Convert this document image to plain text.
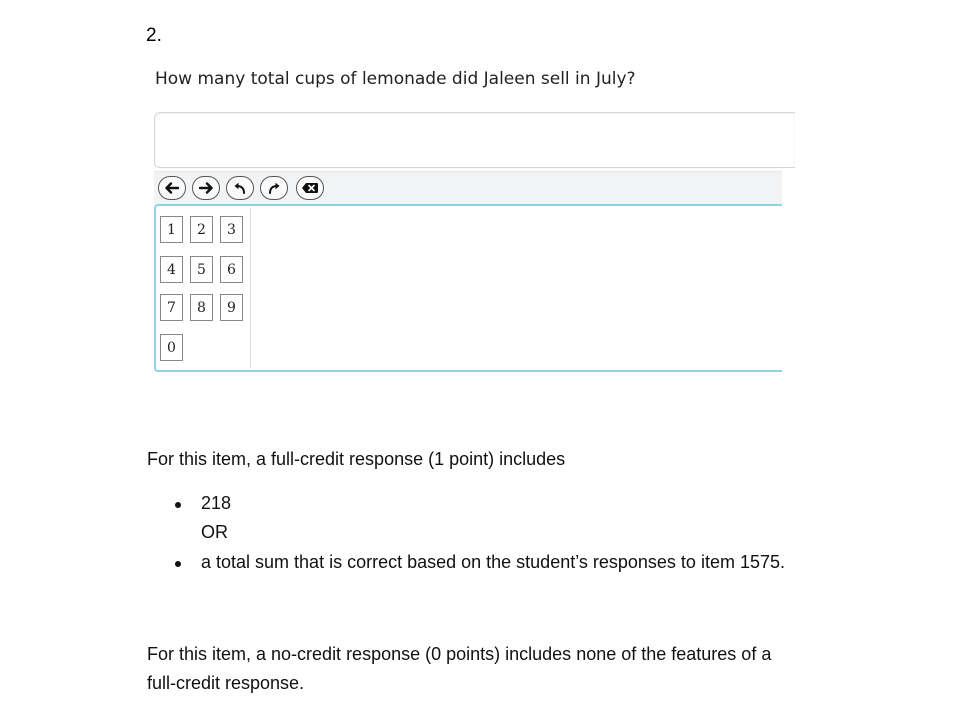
2.
How many total cups of lemonade did Jaleen sell in July?
1	2	3
4	5	6
7	8	9
0
For this item, a full-credit response (1 point) includes
218
OR
a total sum that is correct based on the student’s responses to item 1575.
For this item, a no-credit response (0 points) includes none of the features of a
full-credit response.
